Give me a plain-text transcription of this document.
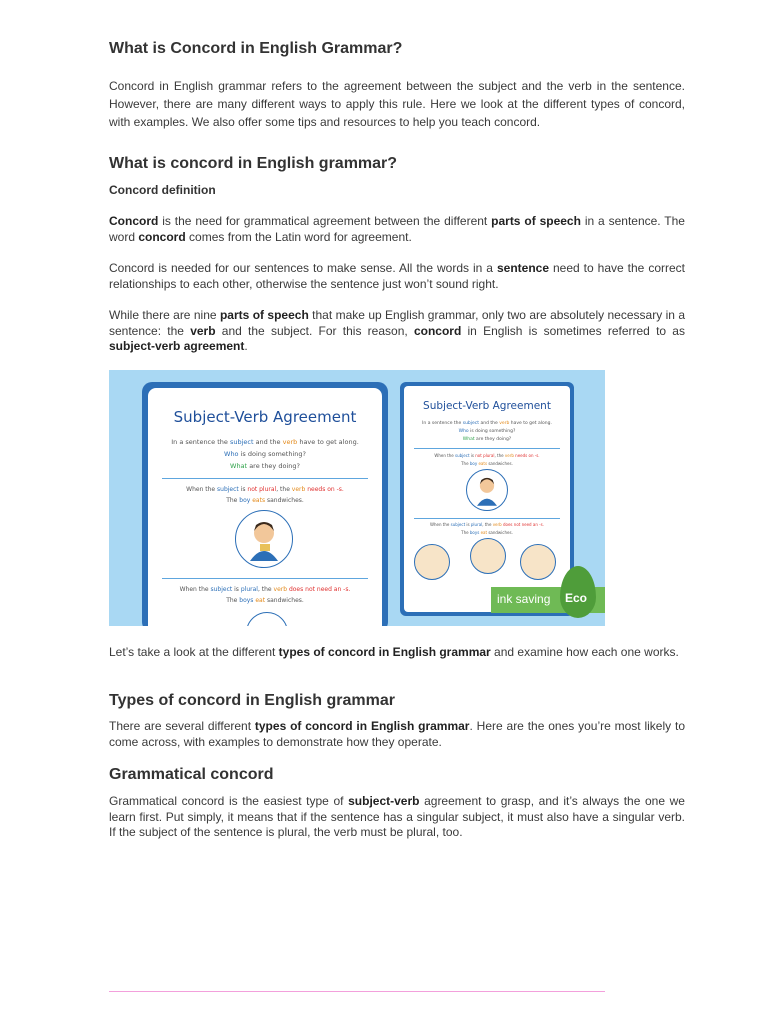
What is Concord in English Grammar?

Concord in English grammar refers to the agreement between the subject and the verb in the sentence. However, there are many different ways to apply this rule. Here we look at the different types of concord, with examples. We also offer some tips and resources to help you teach concord.

What is concord in English grammar?
Concord definition

Concord is the need for grammatical agreement between the different parts of speech in a sentence. The word concord comes from the Latin word for agreement.

Concord is needed for our sentences to make sense. All the words in a sentence need to have the correct relationships to each other, otherwise the sentence just won’t sound right.

While there are nine parts of speech that make up English grammar, only two are absolutely necessary in a sentence: the verb and the subject. For this reason, concord in English is sometimes referred to as subject-verb agreement.

Let’s take a look at the different types of concord in English grammar and examine how each one works.

Types of concord in English grammar

There are several different types of concord in English grammar. Here are the ones you’re most likely to come across, with examples to demonstrate how they operate.

Grammatical concord

Grammatical concord is the easiest type of subject-verb agreement to grasp, and it’s always the one we learn first. Put simply, it means that if the sentence has a singular subject, it must also have a singular verb. If the subject of the sentence is plural, the verb must be plural, too.

Subject-Verb Agreement
In a sentence the subject and the verb have to get along.
Who is doing something?
What are they doing?
When the subject is not plural, the verb needs on -s.
The boy eats sandwiches.
When the subject is plural, the verb does not need an -s.
The boys eat sandwiches.
Subject-Verb Agreement
In a sentence the subject and the verb have to get along.
Who is doing something?
What are they doing?
When the subject is not plural, the verb needs on -s.
The boy eats sandwiches.
When the subject is plural, the verb does not need an -s.
The boys eat sandwiches.
ink saving Eco
